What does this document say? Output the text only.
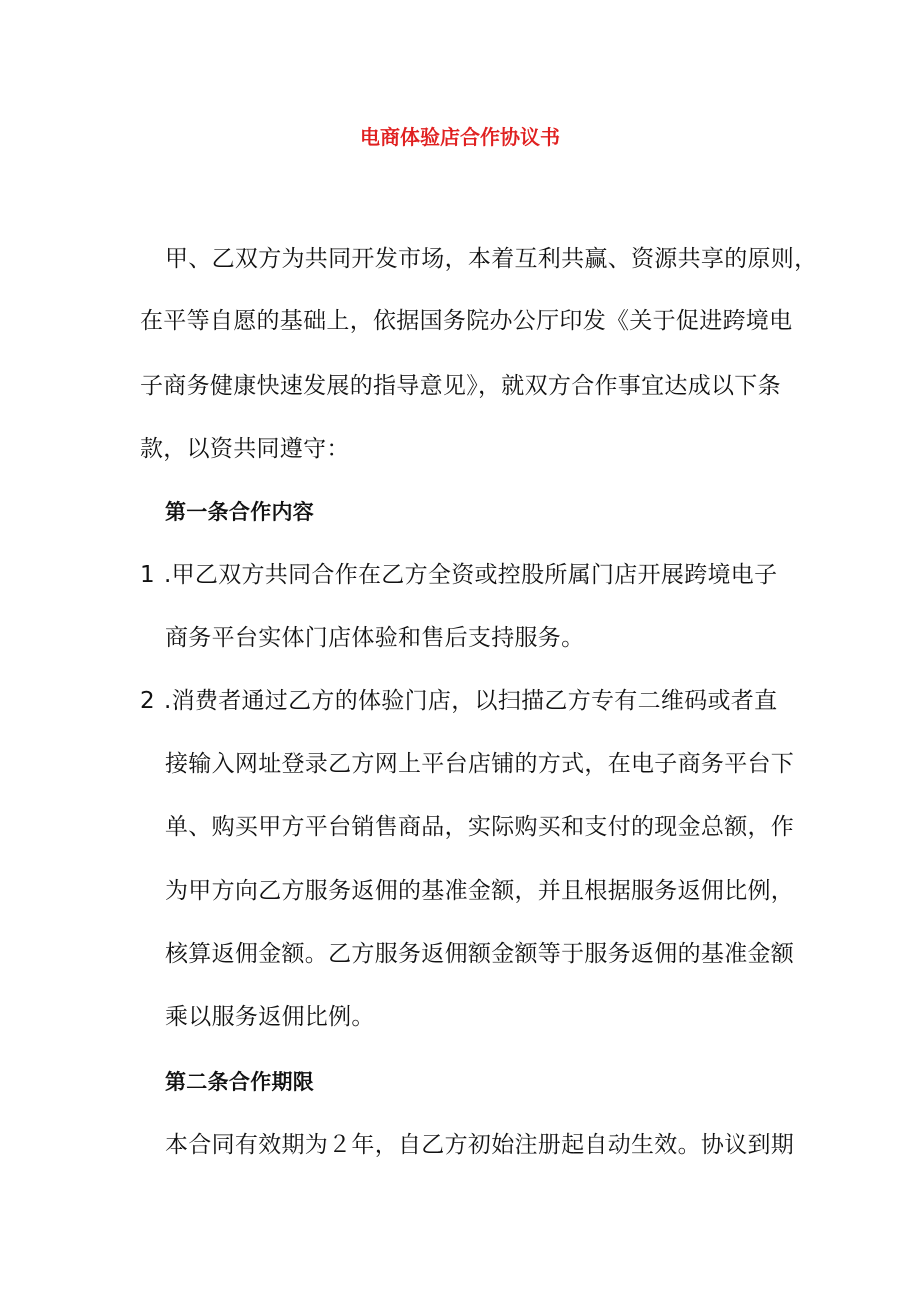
电商体验店合作协议书

甲、乙双方为共同开发市场，本着互利共赢、资源共享的原则，

在平等自愿的基础上，依据国务院办公厅印发《关于促进跨境电

子商务健康快速发展的指导意见》，就双方合作事宜达成以下条

款，以资共同遵守：

第一条合作内容

1 .甲乙双方共同合作在乙方全资或控股所属门店开展跨境电子

商务平台实体门店体验和售后支持服务。

2 .消费者通过乙方的体验门店，以扫描乙方专有二维码或者直

接输入网址登录乙方网上平台店铺的方式，在电子商务平台下

单、购买甲方平台销售商品，实际购买和支付的现金总额，作

为甲方向乙方服务返佣的基准金额，并且根据服务返佣比例，

核算返佣金额。乙方服务返佣额金额等于服务返佣的基准金额

乘以服务返佣比例。

第二条合作期限

本合同有效期为２年，自乙方初始注册起自动生效。协议到期
